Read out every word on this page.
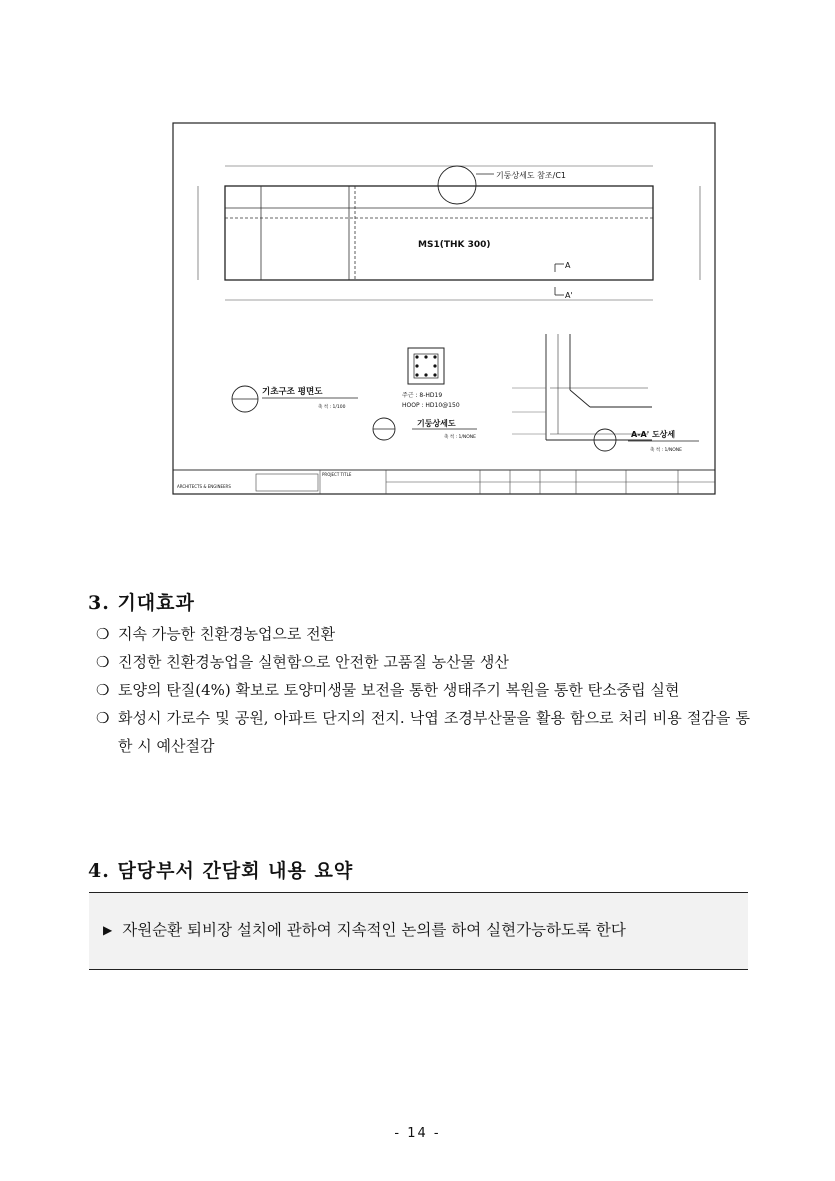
기둥상세도 참조/C1
MS1(THK 300)
A
A'
기초구조 평면도
축 척 : 1/100
주근 : 8-HD19
HOOP : HD10@150
기둥상세도
축 척 : 1/NONE	A-A' 도상세
축 척 : 1/NONE
ARCHITECTS & ENGINEERS
PROJECT TITLE
3. 기대효과
❍ 지속 가능한 친환경농업으로 전환
❍ 진정한 친환경농업을 실현함으로 안전한 고품질 농산물 생산
❍ 토양의 탄질(4%) 확보로 토양미생물 보전을 통한 생태주기 복원을 통한 탄소중립 실현
❍ 화성시 가로수 및 공원, 아파트 단지의 전지. 낙엽 조경부산물을 활용 함으로 처리 비용 절감을 통한 시 예산절감
4. 담당부서 간담회 내용 요약
▶ 자원순환 퇴비장 설치에 관하여 지속적인 논의를 하여 실현가능하도록 한다
- 14 -
